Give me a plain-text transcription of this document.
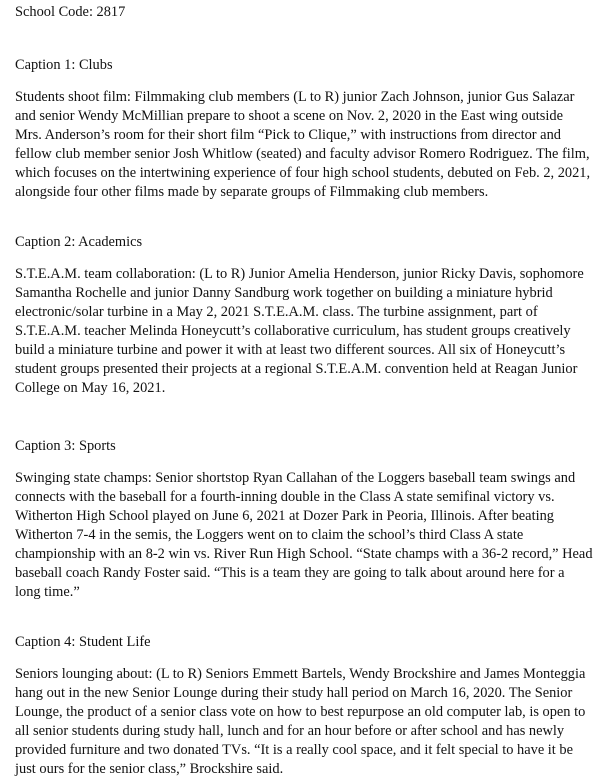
School Code: 2817

Caption 1: Clubs

Students shoot film: Filmmaking club members (L to R) junior Zach Johnson, junior Gus Salazar and senior Wendy McMillian prepare to shoot a scene on Nov. 2, 2020 in the East wing outside Mrs. Anderson’s room for their short film “Pick to Clique,” with instructions from director and fellow club member senior Josh Whitlow (seated) and faculty advisor Romero Rodriguez. The film, which focuses on the intertwining experience of four high school students, debuted on Feb. 2, 2021, alongside four other films made by separate groups of Filmmaking club members.

Caption 2: Academics

S.T.E.A.M. team collaboration: (L to R) Junior Amelia Henderson, junior Ricky Davis, sophomore Samantha Rochelle and junior Danny Sandburg work together on building a miniature hybrid electronic/solar turbine in a May 2, 2021 S.T.E.A.M. class. The turbine assignment, part of S.T.E.A.M. teacher Melinda Honeycutt’s collaborative curriculum, has student groups creatively build a miniature turbine and power it with at least two different sources. All six of Honeycutt’s student groups presented their projects at a regional S.T.E.A.M. convention held at Reagan Junior College on May 16, 2021.

Caption 3: Sports

Swinging state champs: Senior shortstop Ryan Callahan of the Loggers baseball team swings and connects with the baseball for a fourth-inning double in the Class A state semifinal victory vs. Witherton High School played on June 6, 2021 at Dozer Park in Peoria, Illinois. After beating Witherton 7-4 in the semis, the Loggers went on to claim the school’s third Class A state championship with an 8-2 win vs. River Run High School. “State champs with a 36-2 record,” Head baseball coach Randy Foster said. “This is a team they are going to talk about around here for a long time.”

Caption 4: Student Life

Seniors lounging about: (L to R) Seniors Emmett Bartels, Wendy Brockshire and James Monteggia hang out in the new Senior Lounge during their study hall period on March 16, 2020. The Senior Lounge, the product of a senior class vote on how to best repurpose an old computer lab, is open to all senior students during study hall, lunch and for an hour before or after school and has newly provided furniture and two donated TVs. “It is a really cool space, and it felt special to have it be just ours for the senior class,” Brockshire said.
